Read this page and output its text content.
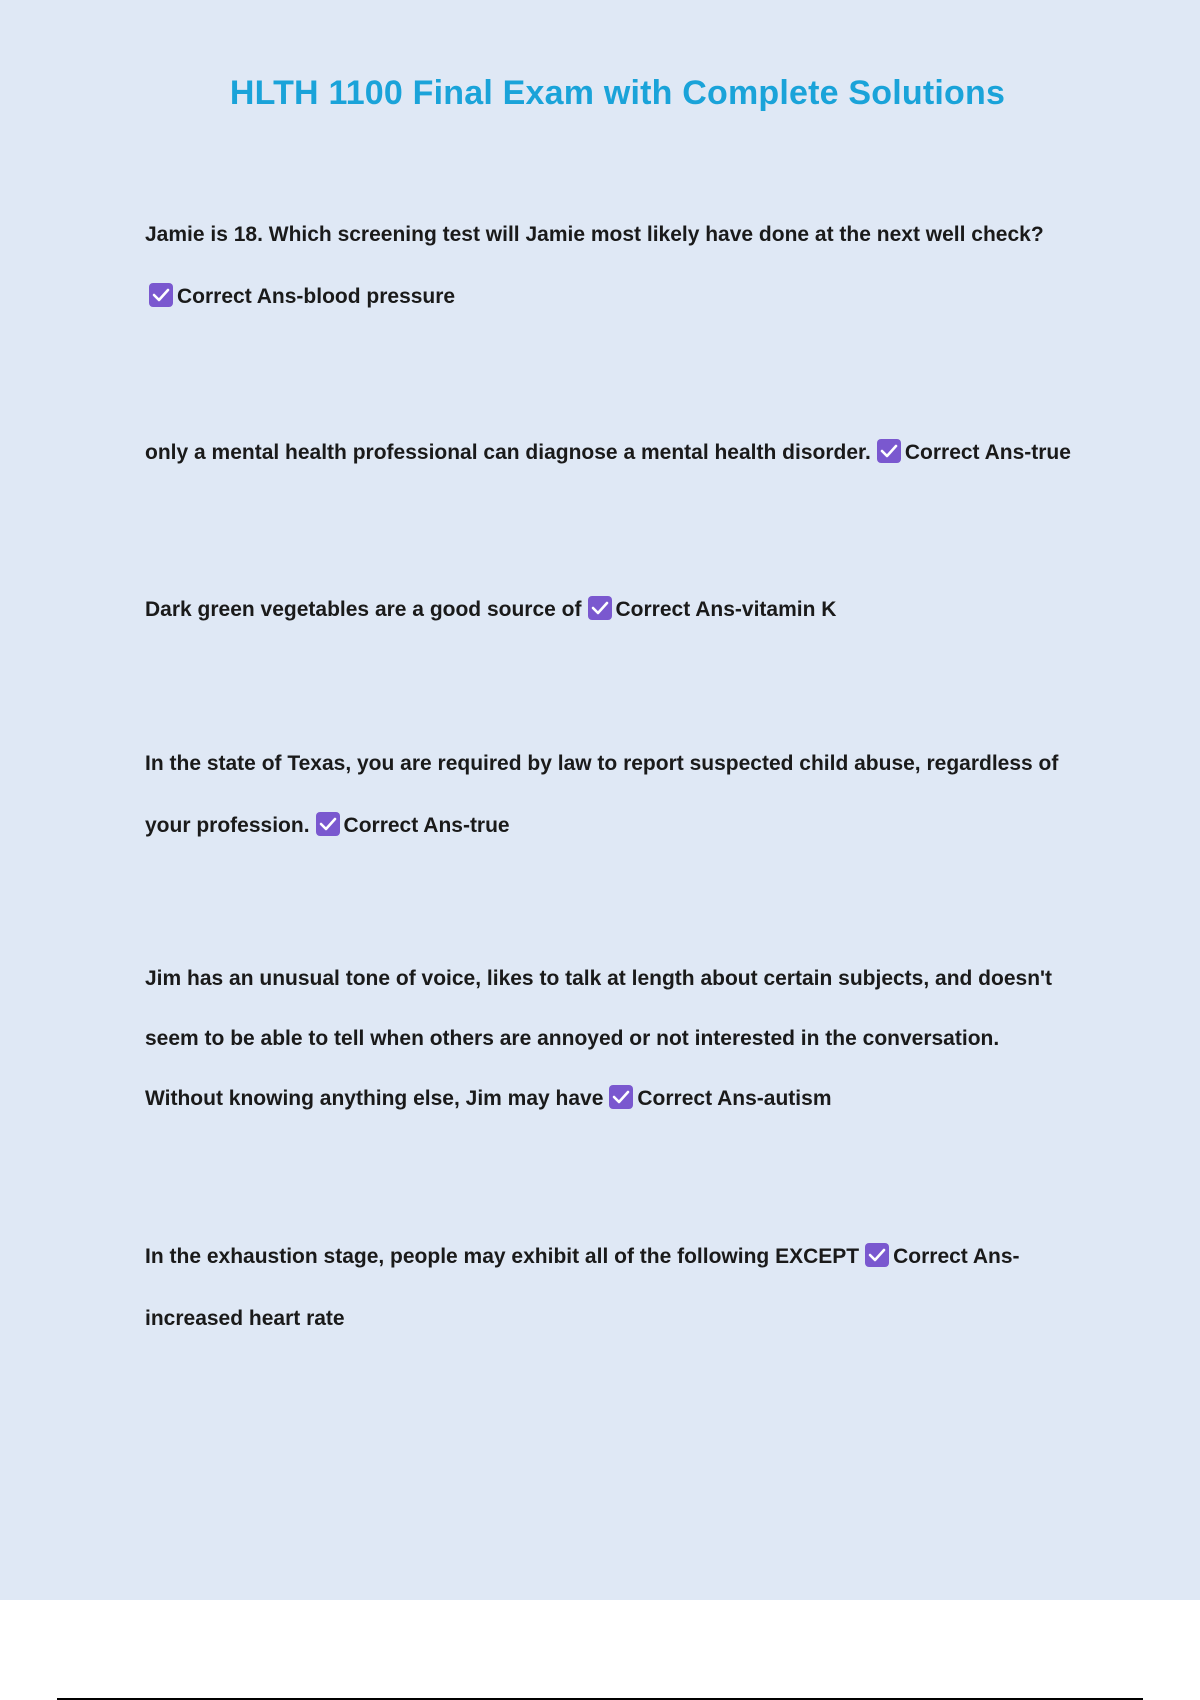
HLTH 1100 Final Exam with Complete Solutions
Jamie is 18. Which screening test will Jamie most likely have done at the next well check?
Correct Ans-blood pressure
only a mental health professional can diagnose a mental health disorder. Correct Ans-true
Dark green vegetables are a good source of Correct Ans-vitamin K
In the state of Texas, you are required by law to report suspected child abuse, regardless of
your profession. Correct Ans-true
Jim has an unusual tone of voice, likes to talk at length about certain subjects, and doesn't
seem to be able to tell when others are annoyed or not interested in the conversation.
Without knowing anything else, Jim may have Correct Ans-autism
In the exhaustion stage, people may exhibit all of the following EXCEPT Correct Ans-
increased heart rate
